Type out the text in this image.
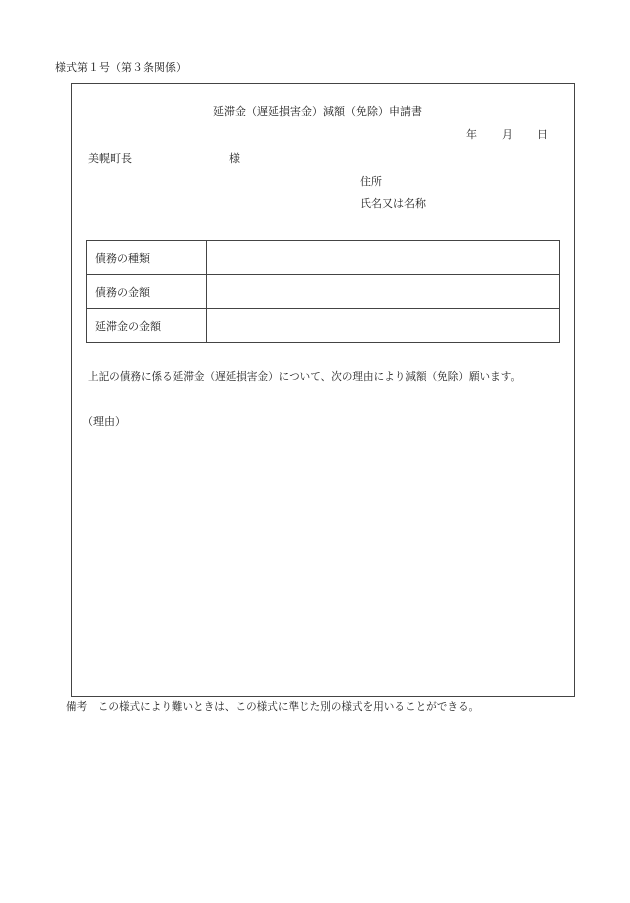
様式第１号（第３条関係）
延滞金（遅延損害金）減額（免除）申請書
年 月 日
美幌町長	様
住所
氏名又は名称
債務の種類	
債務の金額	
延滞金の金額	
上記の債務に係る延滞金（遅延損害金）について、次の理由により減額（免除）願います。
（理由）
備考　この様式により難いときは、この様式に準じた別の様式を用いることができる。
